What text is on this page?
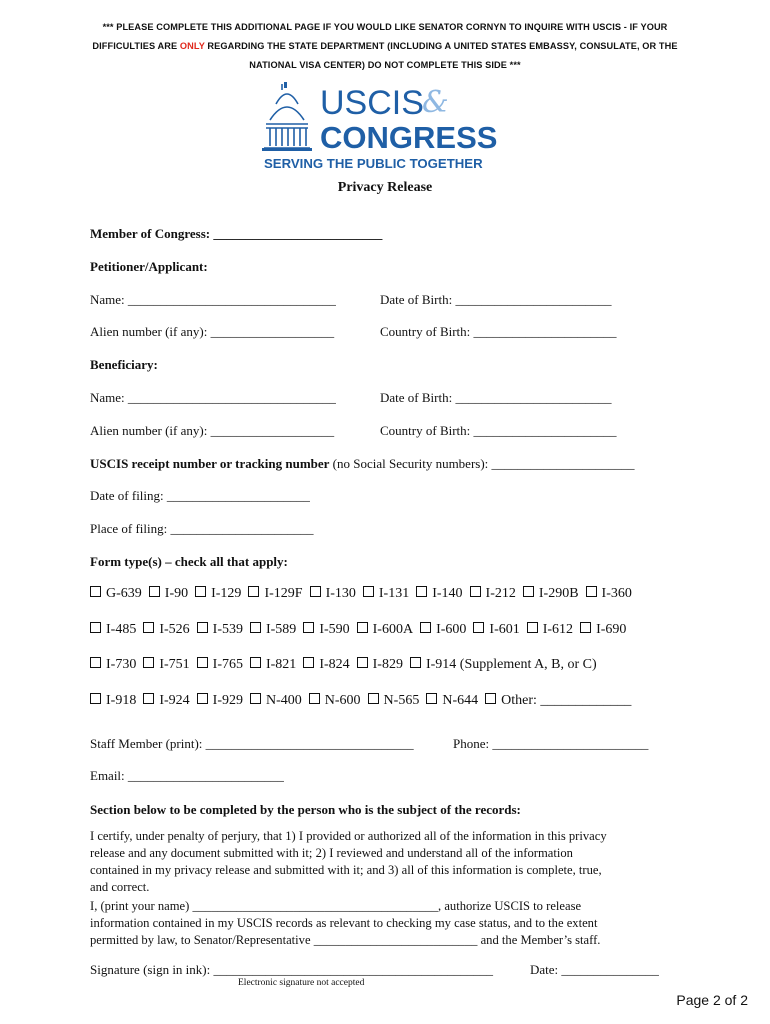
*** PLEASE COMPLETE THIS ADDITIONAL PAGE IF YOU WOULD LIKE SENATOR CORNYN TO INQUIRE WITH USCIS - IF YOUR
DIFFICULTIES ARE ONLY REGARDING THE STATE DEPARTMENT (INCLUDING A UNITED STATES EMBASSY, CONSULATE, OR THE
NATIONAL VISA CENTER) DO NOT COMPLETE THIS SIDE ***
USCIS
&
CONGRESS
SERVING THE PUBLIC TOGETHER
Privacy Release
Member of Congress: __________________________
Petitioner/Applicant:
Name: ________________________________	Date of Birth: ________________________
Alien number (if any): ___________________	Country of Birth: ______________________
Beneficiary:
Name: ________________________________	Date of Birth: ________________________
Alien number (if any): ___________________	Country of Birth: ______________________
USCIS receipt number or tracking number (no Social Security numbers): ______________________
Date of filing: ______________________
Place of filing: ______________________
Form type(s) – check all that apply:
G-639 I-90 I-129 I-129F I-130 I-131 I-140 I-212 I-290B I-360
I-485 I-526 I-539 I-589 I-590 I-600A I-600 I-601 I-612 I-690
I-730 I-751 I-765 I-821 I-824 I-829 I-914 (Supplement A, B, or C)
I-918 I-924 I-929 N-400 N-600 N-565 N-644 Other: _____________
Staff Member (print): ________________________________	Phone: ________________________
Email: ________________________
Section below to be completed by the person who is the subject of the records:
I certify, under penalty of perjury, that 1) I provided or authorized all of the information in this privacy
release and any document submitted with it; 2) I reviewed and understand all of the information
contained in my privacy release and submitted with it; and 3) all of this information is complete, true,
and correct.
I, (print your name) _______________________________________, authorize USCIS to release
information contained in my USCIS records as relevant to checking my case status, and to the extent
permitted by law, to Senator/Representative __________________________ and the Member’s staff.
Signature (sign in ink): ___________________________________________	Date: _______________
Electronic signature not accepted
Page 2 of 2
